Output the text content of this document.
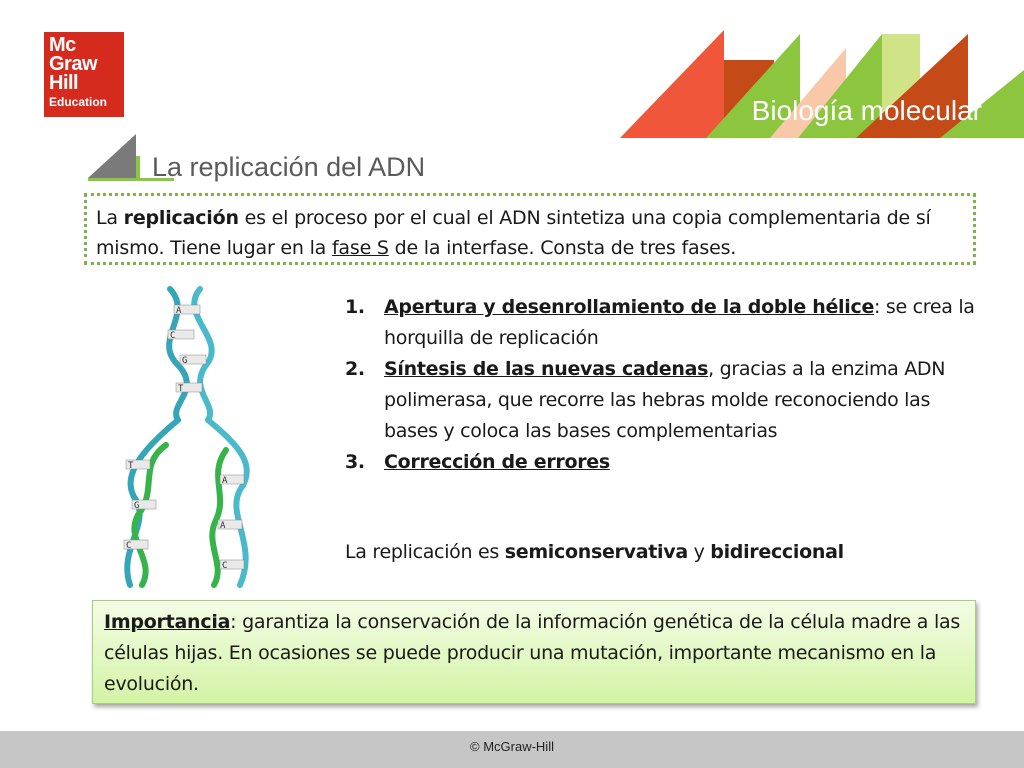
Mc
Graw
Hill
Education	Biología molecular
La replicación del ADN
La replicación es el proceso por el cual el ADN sintetiza una copia complementaria de sí mismo. Tiene lugar en la fase S de la interfase. Consta de tres fases.
A
C
G
T
T
G
C
A
A
C
1.	Apertura y desenrollamiento de la doble hélice: se crea la horquilla de replicación
2.	Síntesis de las nuevas cadenas, gracias a la enzima ADN polimerasa, que recorre las hebras molde reconociendo las bases y coloca las bases complementarias
3.	Corrección de errores
La replicación es semiconservativa y bidireccional
Importancia: garantiza la conservación de la información genética de la célula madre a las células hijas. En ocasiones se puede producir una mutación, importante mecanismo en la evolución.
© McGraw-Hill
